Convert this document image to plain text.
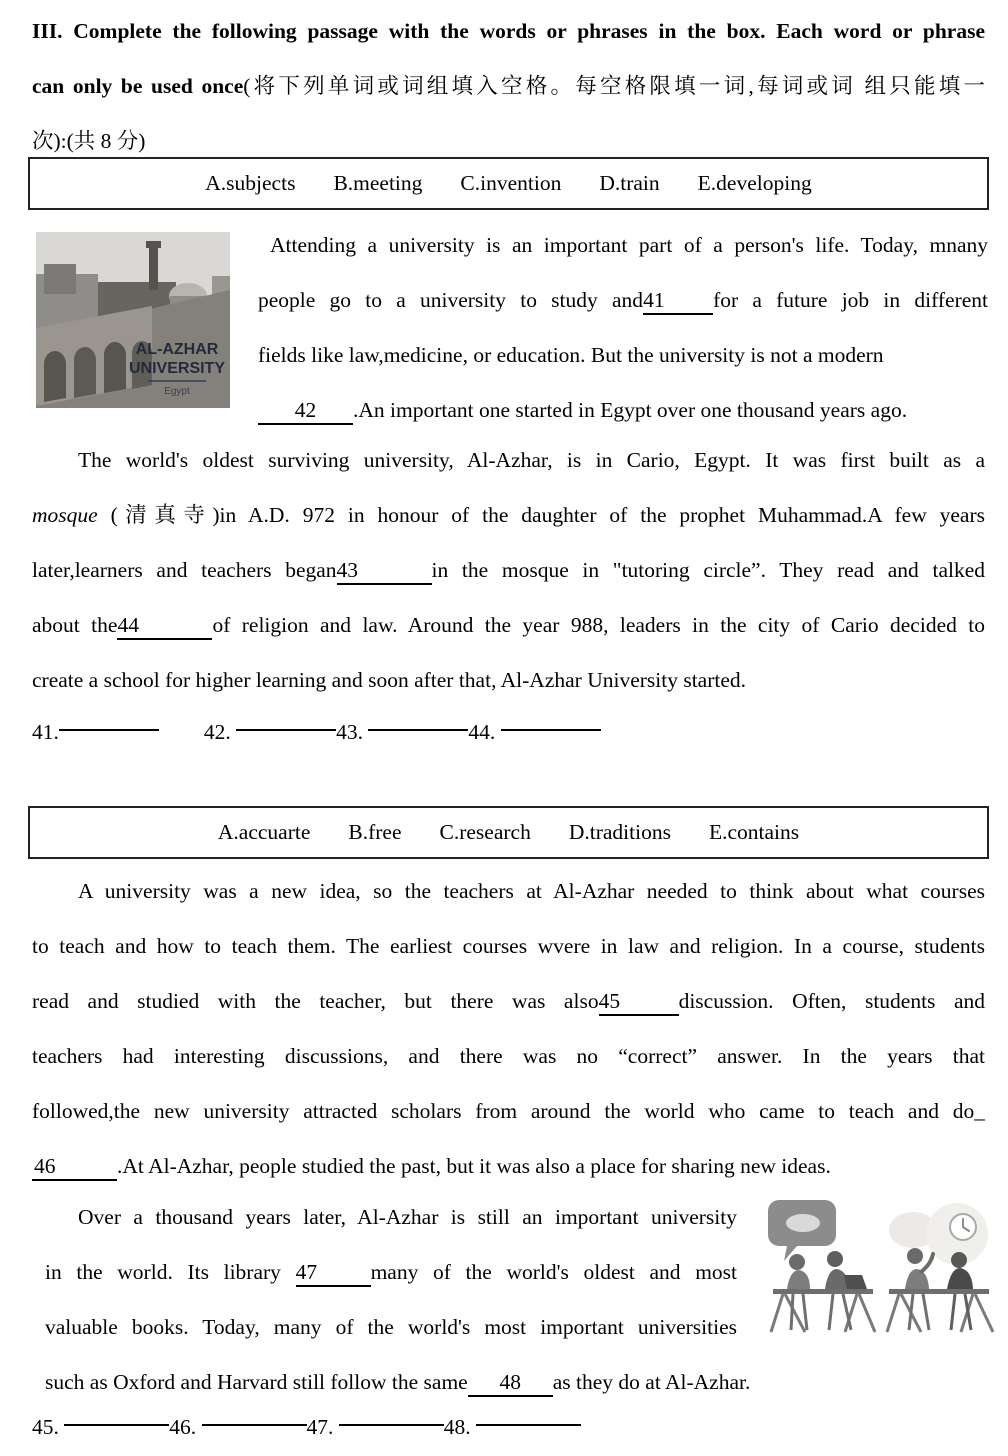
III. Complete the following passage with the words or phrases in the box. Each word or phrase
can only be used once(将下列单词或词组填入空格。每空格限填一词,每词或词 组只能填一
次):(共 8 分)
A.subjects B.meeting C.invention D.train E.developing
AL-AZHAR
UNIVERSITY
Egypt
Attending a university is an important part of a person's life. Today, mnany
people go to a university to study and41 for a future job in different
fields like law,medicine, or education. But the university is not a modern
42 .An important one started in Egypt over one thousand years ago.
The world's oldest surviving university, Al-Azhar, is in Cario, Egypt. It was first built as a
mosque (清真寺)in A.D. 972 in honour of the daughter of the prophet Muhammad.A few years
later,learners and teachers began43	in the mosque in "tutoring circle”. They read and talked
about the44	of religion and law. Around the year 988, leaders in the city of Cario decided to
create a school for higher learning and soon after that, Al-Azhar University started.
41.	42.	43.	44.
A.accuarte B.free C.research D.traditions E.contains
A university was a new idea, so the teachers at Al-Azhar needed to think about what courses
to teach and how to teach them. The earliest courses wvere in law and religion. In a course, students
read and studied with the teacher, but there was also45	discussion. Often, students and
teachers had interesting discussions, and there was no “correct” answer. In the years that
followed,the new university attracted scholars from around the world who came to teach and do_
46	.At Al-Azhar, people studied the past, but it was also a place for sharing new ideas.
Over a thousand years later, Al-Azhar is still an important university
in the world. Its library 47 many of the world's oldest and most
valuable books. Today, many of the world's most important universities
such as Oxford and Harvard still follow the same 48 as they do at Al-Azhar.
45.	46.	47.	48.
